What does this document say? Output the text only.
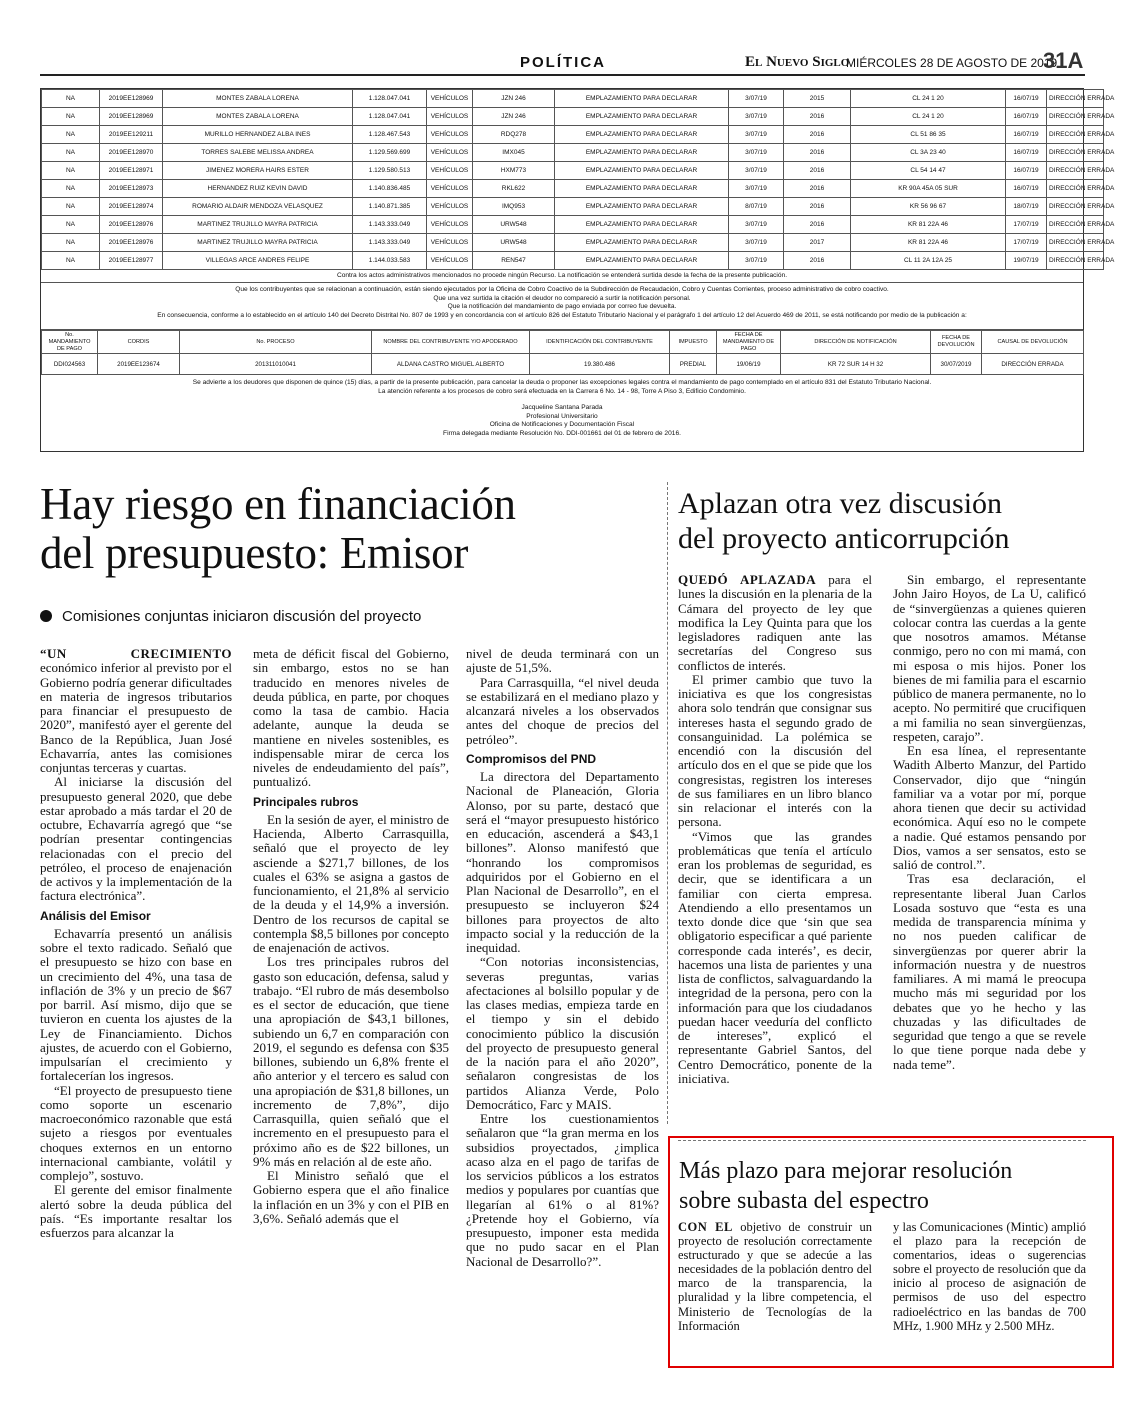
POLÍTICA	El Nuevo Siglo
MIÉRCOLES 28 DE AGOSTO DE 2019
31A
NA	2019EE128969	MONTES ZABALA LORENA	1.128.047.041	VEHÍCULOS	JZN 246	EMPLAZAMIENTO PARA DECLARAR	3/07/19	2015	CL 24 1 20	16/07/19	DIRECCIÓN ERRADA
NA	2019EE128969	MONTES ZABALA LORENA	1.128.047.041	VEHÍCULOS	JZN 246	EMPLAZAMIENTO PARA DECLARAR	3/07/19	2016	CL 24 1 20	16/07/19	DIRECCIÓN ERRADA
NA	2019EE129211	MURILLO HERNANDEZ ALBA INES	1.128.467.543	VEHÍCULOS	RDQ278	EMPLAZAMIENTO PARA DECLARAR	3/07/19	2016	CL 51 86 35	16/07/19	DIRECCIÓN ERRADA
NA	2019EE128970	TORRES SALEBE MELISSA ANDREA	1.129.569.699	VEHÍCULOS	IMX045	EMPLAZAMIENTO PARA DECLARAR	3/07/19	2016	CL 3A 23 40	16/07/19	DIRECCIÓN ERRADA
NA	2019EE128971	JIMENEZ MORERA HAIRS ESTER	1.129.580.513	VEHÍCULOS	HXM773	EMPLAZAMIENTO PARA DECLARAR	3/07/19	2016	CL 54 14 47	16/07/19	DIRECCIÓN ERRADA
NA	2019EE128973	HERNANDEZ RUIZ KEVIN DAVID	1.140.836.485	VEHÍCULOS	RKL622	EMPLAZAMIENTO PARA DECLARAR	3/07/19	2016	KR 90A 45A 05 SUR	16/07/19	DIRECCIÓN ERRADA
NA	2019EE128974	ROMARIO ALDAIR MENDOZA VELASQUEZ	1.140.871.385	VEHÍCULOS	IMQ953	EMPLAZAMIENTO PARA DECLARAR	8/07/19	2016	KR 56 96 67	18/07/19	DIRECCIÓN ERRADA
NA	2019EE128976	MARTINEZ TRUJILLO MAYRA PATRICIA	1.143.333.049	VEHÍCULOS	URW548	EMPLAZAMIENTO PARA DECLARAR	3/07/19	2016	KR 81 22A 46	17/07/19	DIRECCIÓN ERRADA
NA	2019EE128976	MARTINEZ TRUJILLO MAYRA PATRICIA	1.143.333.049	VEHÍCULOS	URW548	EMPLAZAMIENTO PARA DECLARAR	3/07/19	2017	KR 81 22A 46	17/07/19	DIRECCIÓN ERRADA
NA	2019EE128977	VILLEGAS ARCE ANDRES FELIPE	1.144.033.583	VEHÍCULOS	REN547	EMPLAZAMIENTO PARA DECLARAR	3/07/19	2016	CL 11 2A 12A 25	19/07/19	DIRECCIÓN ERRADA
Contra los actos administrativos mencionados no procede ningún Recurso. La notificación se entenderá surtida desde la fecha de la presente publicación.
Que los contribuyentes que se relacionan a continuación, están siendo ejecutados por la Oficina de Cobro Coactivo de la Subdirección de Recaudación, Cobro y Cuentas Corrientes, proceso administrativo de cobro coactivo.
Que una vez surtida la citación el deudor no compareció a surtir la notificación personal.
Que la notificación del mandamiento de pago enviada por correo fue devuelta.
En consecuencia, conforme a lo establecido en el artículo 140 del Decreto Distrital No. 807 de 1993 y en concordancia con el artículo 826 del Estatuto Tributario Nacional y el parágrafo 1 del artículo 12 del Acuerdo 469 de 2011, se está notificando por medio de la publicación a:
No. MANDAMIENTO DE PAGO	CORDIS	No. PROCESO	NOMBRE DEL CONTRIBUYENTE Y/O APODERADO	IDENTIFICACIÓN DEL CONTRIBUYENTE	IMPUESTO	FECHA DE MANDAMIENTO DE PAGO	DIRECCIÓN DE NOTIFICACIÓN	FECHA DE DEVOLUCIÓN	CAUSAL DE DEVOLUCIÓN
DDI024563	2019EE123674	201311010041	ALDANA CASTRO MIGUEL ALBERTO	19.380.486	PREDIAL	19/06/19	KR 72 SUR 14 H 32	30/07/2019	DIRECCIÓN ERRADA
Se advierte a los deudores que disponen de quince (15) días, a partir de la presente publicación, para cancelar la deuda o proponer las excepciones legales contra el mandamiento de pago contemplado en el artículo 831 del Estatuto Tributario Nacional.
La atención referente a los procesos de cobro será efectuada en la Carrera 6 No. 14 - 98, Torre A Piso 3, Edificio Condominio.
Jacqueline Santana Parada
Profesional Universitario
Oficina de Notificaciones y Documentación Fiscal
Firma delegada mediante Resolución No. DDI-001661 del 01 de febrero de 2016.
Hay riesgo en financiación
del presupuesto: Emisor
Comisiones conjuntas iniciaron discusión del proyecto

“UN CRECIMIENTO económico inferior al previsto por el Gobierno podría generar dificultades en materia de ingresos tributarios para financiar el presupuesto de 2020”, manifestó ayer el gerente del Banco de la República, Juan José Echavarría, antes las comisiones conjuntas terceras y cuartas.

Al iniciarse la discusión del presupuesto general 2020, que debe estar aprobado a más tardar el 20 de octubre, Echavarría agregó que “se podrían presentar contingencias relacionadas con el precio del petróleo, el proceso de enajenación de activos y la implementación de la factura electrónica”.

Análisis del Emisor

Echavarría presentó un análisis sobre el texto radicado. Señaló que el presupuesto se hizo con base en un crecimiento del 4%, una tasa de inflación de 3% y un precio de $67 por barril. Así mismo, dijo que se tuvieron en cuenta los ajustes de la Ley de Financiamiento. Dichos ajustes, de acuerdo con el Gobierno, impulsarían el crecimiento y fortalecerían los ingresos.

“El proyecto de presupuesto tiene como soporte un escenario macroeconómico razonable que está sujeto a riesgos por eventuales choques externos en un entorno internacional cambiante, volátil y complejo”, sostuvo.

El gerente del emisor finalmente alertó sobre la deuda pública del país. “Es importante resaltar los esfuerzos para alcanzar la

meta de déficit fiscal del Gobierno, sin embargo, estos no se han traducido en menores niveles de deuda pública, en parte, por choques como la tasa de cambio. Hacia adelante, aunque la deuda se mantiene en niveles sostenibles, es indispensable mirar de cerca los niveles de endeudamiento del país”, puntualizó.

Principales rubros

En la sesión de ayer, el ministro de Hacienda, Alberto Carrasquilla, señaló que el proyecto de ley asciende a $271,7 billones, de los cuales el 63% se asigna a gastos de funcionamiento, el 21,8% al servicio de la deuda y el 14,9% a inversión. Dentro de los recursos de capital se contempla $8,5 billones por concepto de enajenación de activos.

Los tres principales rubros del gasto son educación, defensa, salud y trabajo. “El rubro de más desembolso es el sector de educación, que tiene una apropiación de $43,1 billones, subiendo un 6,7 en comparación con 2019, el segundo es defensa con $35 billones, subiendo un 6,8% frente el año anterior y el tercero es salud con una apropiación de $31,8 billones, un incremento de 7,8%”, dijo Carrasquilla, quien señaló que el incremento en el presupuesto para el próximo año es de $22 billones, un 9% más en relación al de este año.

El Ministro señaló que el Gobierno espera que el año finalice la inflación en un 3% y con el PIB en 3,6%. Señaló además que el

nivel de deuda terminará con un ajuste de 51,5%.

Para Carrasquilla, “el nivel deuda se estabilizará en el mediano plazo y alcanzará niveles a los observados antes del choque de precios del petróleo”.

Compromisos del PND

La directora del Departamento Nacional de Planeación, Gloria Alonso, por su parte, destacó que será el “mayor presupuesto histórico en educación, ascenderá a $43,1 billones”. Alonso manifestó que “honrando los compromisos adquiridos por el Gobierno en el Plan Nacional de Desarrollo”, en el presupuesto se incluyeron $24 billones para proyectos de alto impacto social y la reducción de la inequidad.

“Con notorias inconsistencias, severas preguntas, varias afectaciones al bolsillo popular y de las clases medias, empieza tarde en el tiempo y sin el debido conocimiento público la discusión del proyecto de presupuesto general de la nación para el año 2020”, señalaron congresistas de los partidos Alianza Verde, Polo Democrático, Farc y MAIS.

Entre los cuestionamientos señalaron que “la gran merma en los subsidios proyectados, ¿implica acaso alza en el pago de tarifas de los servicios públicos a los estratos medios y populares por cuantías que llegarían al 61% o al 81%? ¿Pretende hoy el Gobierno, vía presupuesto, imponer esta medida que no pudo sacar en el Plan Nacional de Desarrollo?”.

Aplazan otra vez discusión
del proyecto anticorrupción

QUEDÓ APLAZADA para el lunes la discusión en la plenaria de la Cámara del proyecto de ley que modifica la Ley Quinta para que los legisladores radiquen ante las secretarías del Congreso sus conflictos de interés.

El primer cambio que tuvo la iniciativa es que los congresistas ahora solo tendrán que consignar sus intereses hasta el segundo grado de consanguinidad. La polémica se encendió con la discusión del artículo dos en el que se pide que los congresistas, registren los intereses de sus familiares en un libro blanco sin relacionar el interés con la persona.

“Vimos que las grandes problemáticas que tenía el artículo eran los problemas de seguridad, es decir, que se identificara a un familiar con cierta empresa. Atendiendo a ello presentamos un texto donde dice que ‘sin que sea obligatorio especificar a qué pariente corresponde cada interés’, es decir, hacemos una lista de parientes y una lista de conflictos, salvaguardando la integridad de la persona, pero con la información para que los ciudadanos puedan hacer veeduría del conflicto de intereses”, explicó el representante Gabriel Santos, del Centro Democrático, ponente de la iniciativa.

Sin embargo, el representante John Jairo Hoyos, de La U, calificó de “sinvergüenzas a quienes quieren colocar contra las cuerdas a la gente que nosotros amamos. Métanse conmigo, pero no con mi mamá, con mi esposa o mis hijos. Poner los bienes de mi familia para el escarnio público de manera permanente, no lo acepto. No permitiré que crucifiquen a mi familia no sean sinvergüenzas, respeten, carajo”.

En esa línea, el representante Wadith Alberto Manzur, del Partido Conservador, dijo que “ningún familiar va a votar por mí, porque ahora tienen que decir su actividad económica. Aquí eso no le compete a nadie. Qué estamos pensando por Dios, vamos a ser sensatos, esto se salió de control.”.

Tras esa declaración, el representante liberal Juan Carlos Losada sostuvo que “esta es una medida de transparencia mínima y no nos pueden calificar de sinvergüenzas por querer abrir la información nuestra y de nuestros familiares. A mi mamá le preocupa mucho más mi seguridad por los debates que yo he hecho y las chuzadas y las dificultades de seguridad que tengo a que se revele lo que tiene porque nada debe y nada teme”.

Más plazo para mejorar resolución
sobre subasta del espectro

CON EL objetivo de construir un proyecto de resolución correctamente estructurado y que se adecúe a las necesidades de la población dentro del marco de la transparencia, la pluralidad y la libre competencia, el Ministerio de Tecnologías de la Información

y las Comunicaciones (Mintic) amplió el plazo para la recepción de comentarios, ideas o sugerencias sobre el proyecto de resolución que da inicio al proceso de asignación de permisos de uso del espectro radioeléctrico en las bandas de 700 MHz, 1.900 MHz y 2.500 MHz.
